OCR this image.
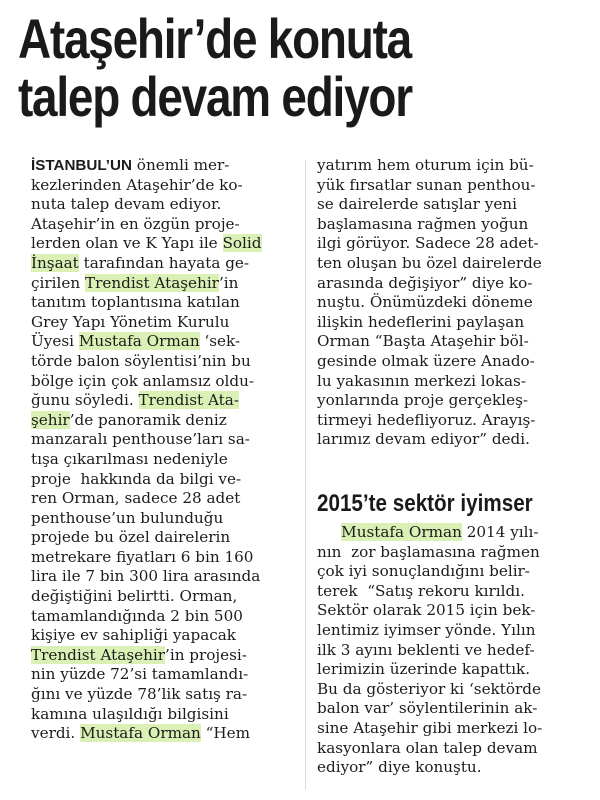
Ataşehir’de konuta
talep devam ediyor
İSTANBUL’UN önemli mer-
kezlerinden Ataşehir’de ko-
nuta talep devam ediyor.
Ataşehir’in en özgün proje-
lerden olan ve K Yapı ile Solid
İnşaat tarafından hayata ge-
çirilen Trendist Ataşehir’in
tanıtım toplantısına katılan
Grey Yapı Yönetim Kurulu
Üyesi Mustafa Orman ‘sek-
törde balon söylentisi’nin bu
bölge için çok anlamsız oldu-
ğunu söyledi. Trendist Ata-
şehir’de panoramik deniz
manzaralı penthouse’ları sa-
tışa çıkarılması nedeniyle
proje  hakkında da bilgi ve-
ren Orman, sadece 28 adet
penthouse’un bulunduğu
projede bu özel dairelerin
metrekare fiyatları 6 bin 160
lira ile 7 bin 300 lira arasında
değiştiğini belirtti. Orman,
tamamlandığında 2 bin 500
kişiye ev sahipliği yapacak
Trendist Ataşehir’in projesi-
nin yüzde 72’si tamamlandı-
ğını ve yüzde 78’lik satış ra-
kamına ulaşıldığı bilgisini
verdi. Mustafa Orman “Hem
yatırım hem oturum için bü-
yük fırsatlar sunan penthou-
se dairelerde satışlar yeni
başlamasına rağmen yoğun
ilgi görüyor. Sadece 28 adet-
ten oluşan bu özel dairelerde
arasında değişiyor” diye ko-
nuştu. Önümüzdeki döneme
ilişkin hedeflerini paylaşan
Orman “Başta Ataşehir böl-
gesinde olmak üzere Anado-
lu yakasının merkezi lokas-
yonlarında proje gerçekleş-
tirmeyi hedefliyoruz. Arayış-
larımız devam ediyor” dedi.
2015’te sektör iyimser
Mustafa Orman 2014 yılı-
nın  zor başlamasına rağmen
çok iyi sonuçlandığını belir-
terek  “Satış rekoru kırıldı.
Sektör olarak 2015 için bek-
lentimiz iyimser yönde. Yılın
ilk 3 ayını beklenti ve hedef-
lerimizin üzerinde kapattık.
Bu da gösteriyor ki ‘sektörde
balon var’ söylentilerinin ak-
sine Ataşehir gibi merkezi lo-
kasyonlara olan talep devam
ediyor” diye konuştu.
